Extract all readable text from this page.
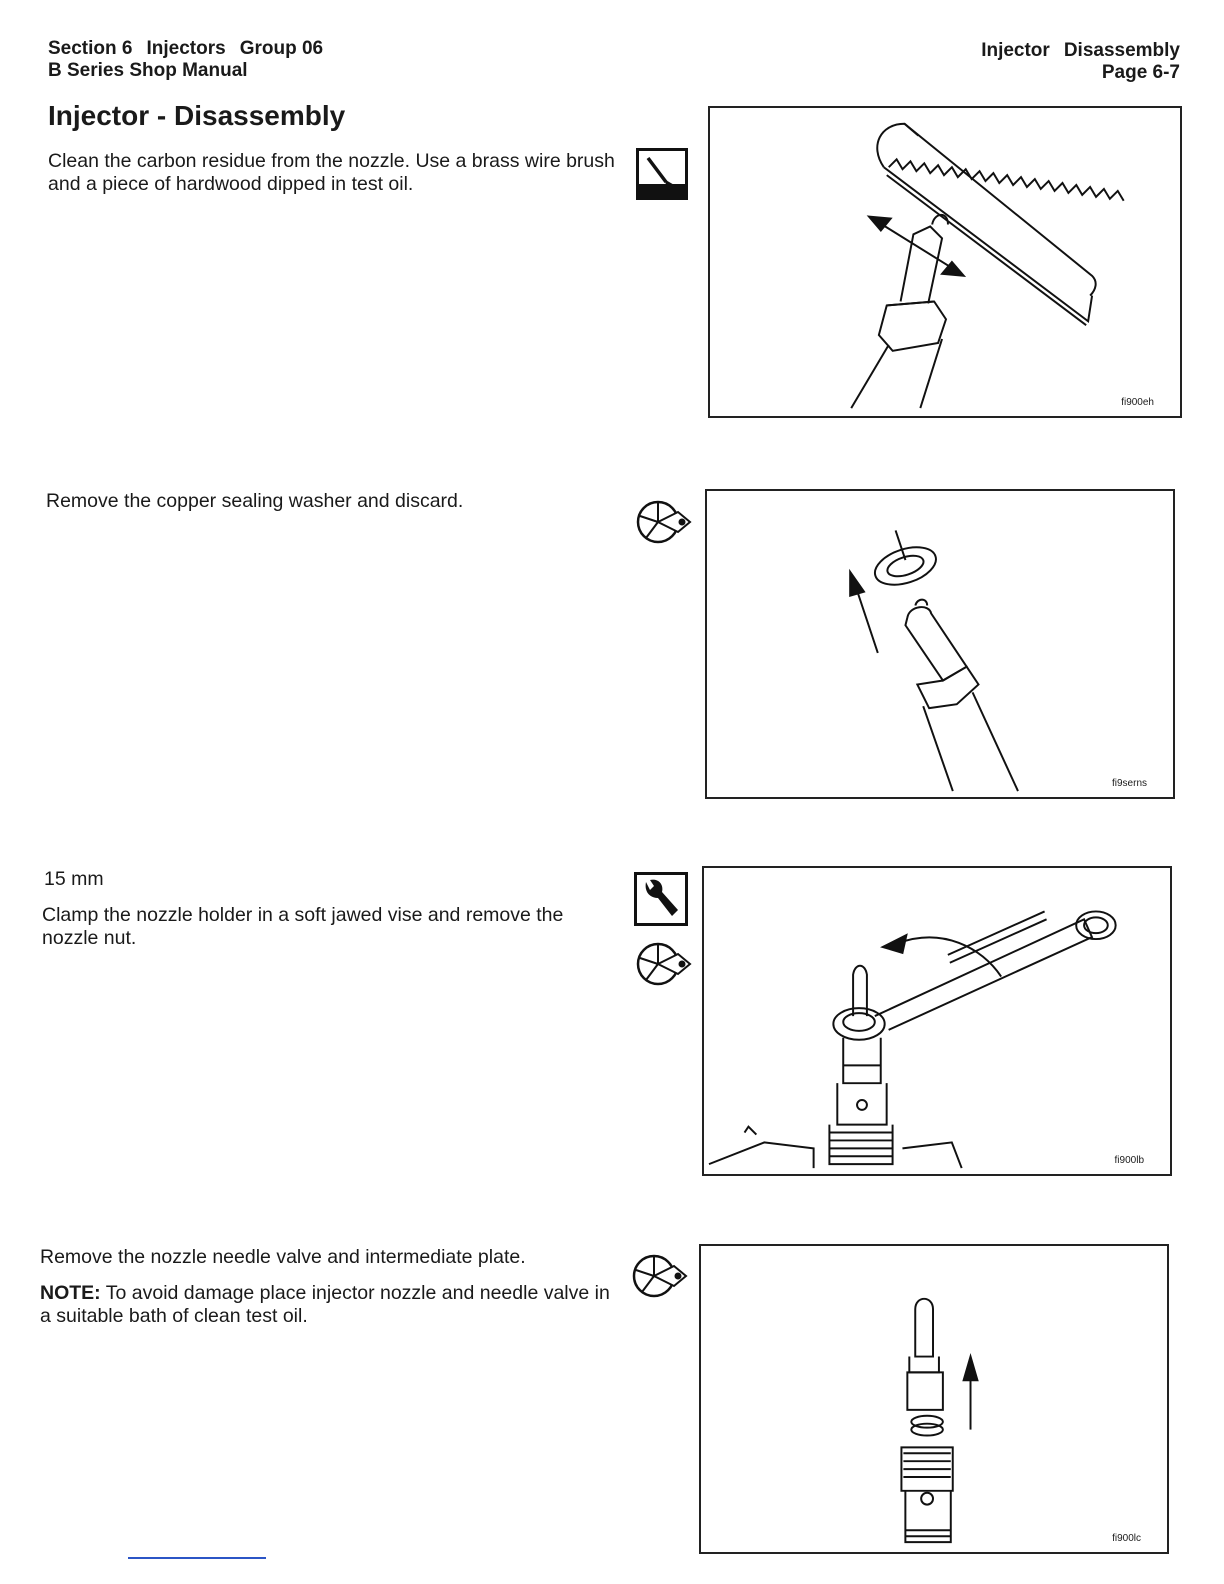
Section 6 Injectors Group 06
B Series Shop Manual
Injector Disassembly
Page 6-7
Injector - Disassembly

Clean the carbon residue from the nozzle. Use a brass wire brush and a piece of hardwood dipped in test oil.

fi900eh

Remove the copper sealing washer and discard.

fi9serns

15 mm

Clamp the nozzle holder in a soft jawed vise and remove the nozzle nut.

fi900lb

Remove the nozzle needle valve and intermediate plate.

NOTE: To avoid damage place injector nozzle and needle valve in a suitable bath of clean test oil.

fi900lc
